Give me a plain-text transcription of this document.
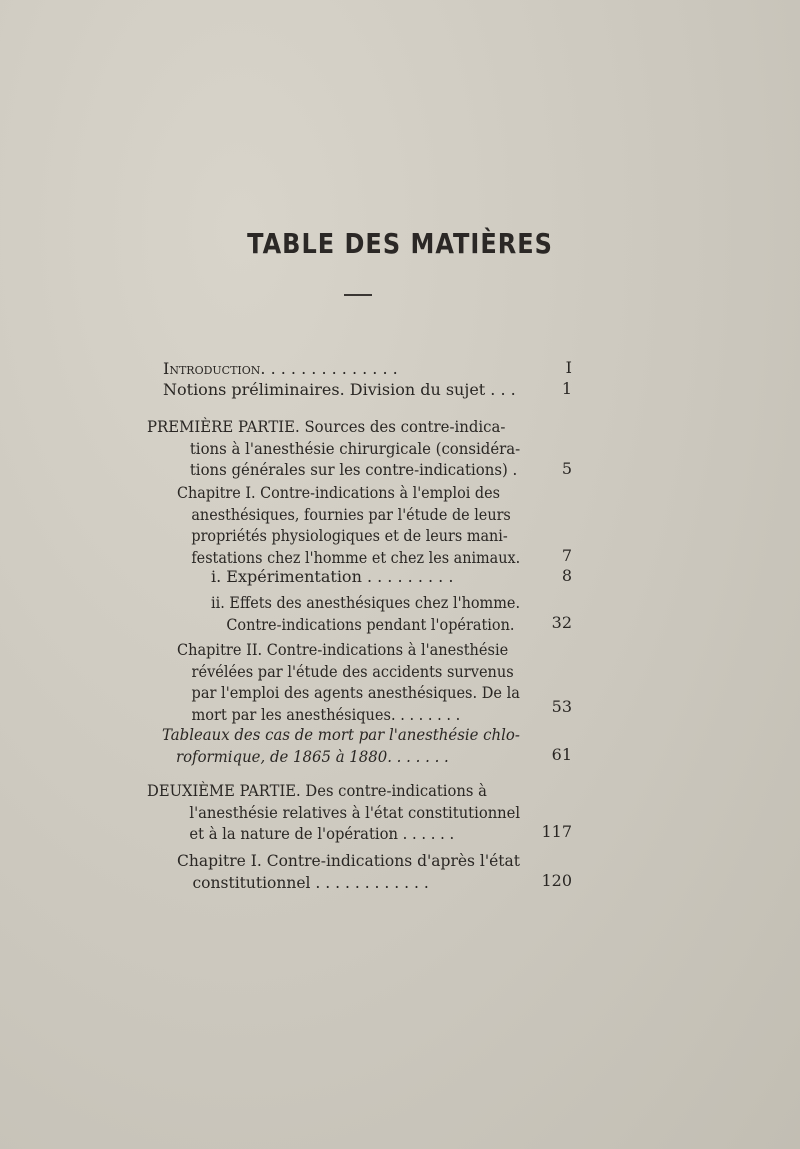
TABLE DES MATIÈRES
Introduction. . . . . . . . . . . . . .	I
Notions préliminaires. Division du sujet . . .	1
PREMIÈRE PARTIE. Sources des contre-indica-
tions à l'anesthésie chirurgicale (considéra-
tions générales sur les contre-indications) .	5
Chapitre I. Contre-indications à l'emploi des
anesthésiques, fournies par l'étude de leurs
propriétés physiologiques et de leurs mani-
festations chez l'homme et chez les animaux.	7
i. Expérimentation . . . . . . . . .	8
ii. Effets des anesthésiques chez l'homme.
Contre-indications pendant l'opération.	32
Chapitre II. Contre-indications à l'anesthésie
révélées par l'étude des accidents survenus
par l'emploi des agents anesthésiques. De la
mort par les anesthésiques. . . . . . . .	53
Tableaux des cas de mort par l'anesthésie chlo-
roformique, de 1865 à 1880. . . . . . .	61
DEUXIÈME PARTIE. Des contre-indications à
l'anesthésie relatives à l'état constitutionnel
et à la nature de l'opération . . . . . .	117
Chapitre I. Contre-indications d'après l'état
constitutionnel . . . . . . . . . . . .	120
